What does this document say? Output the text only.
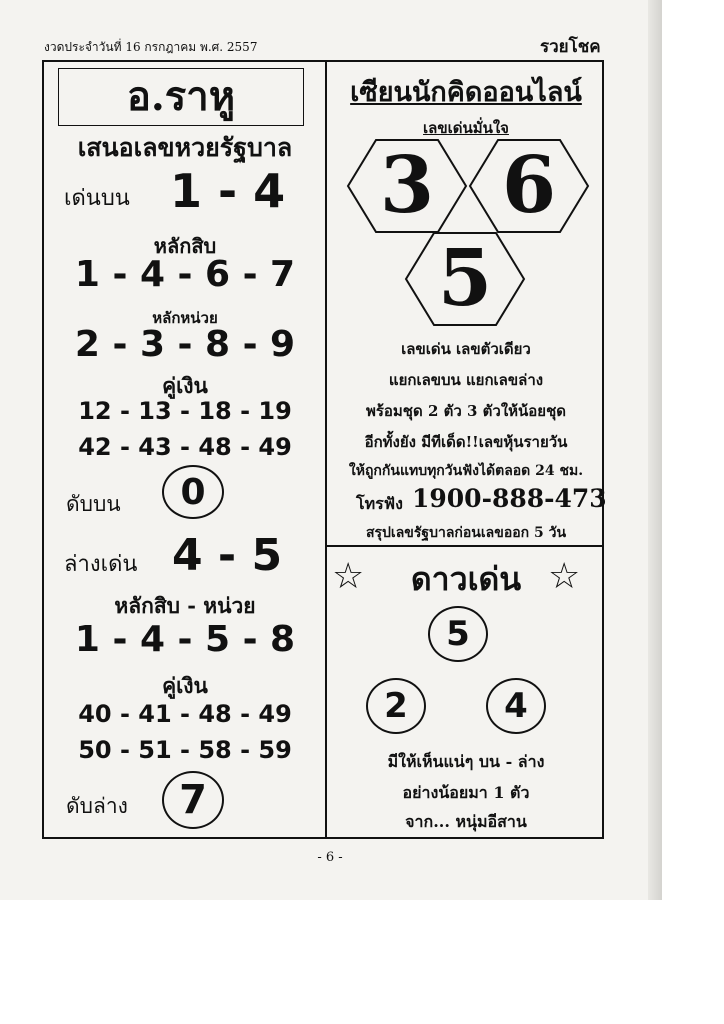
งวดประจำวันที่ 16 กรกฎาคม พ.ศ. 2557	รวยโชค
อ.ราหู
เสนอเลขหวยรัฐบาล
เด่นบน 1 - 4
หลักสิบ
1 - 4 - 6 - 7
หลักหน่วย
2 - 3 - 8 - 9
คู่เงิน
12 - 13 - 18 - 19
42 - 43 - 48 - 49
ดับบน	0
ล่างเด่น 4 - 5
หลักสิบ - หน่วย
1 - 4 - 5 - 8
คู่เงิน
40 - 41 - 48 - 49
50 - 51 - 58 - 59
ดับล่าง	7
เซียนนักคิดออนไลน์
เลขเด่นมั่นใจ
3 6
5
เลขเด่น เลขตัวเดียว
แยกเลขบน แยกเลขล่าง
พร้อมชุด 2 ตัว 3 ตัวให้น้อยชุด
อีกทั้งยัง มีทีเด็ด!!เลขหุ้นรายวัน
ให้ถูกกันแทบทุกวันฟังได้ตลอด 24 ชม.
โทรฟัง 1900-888-473
สรุปเลขรัฐบาลก่อนเลขออก 5 วัน
☆	ดาวเด่น ☆
5
2	4
มีให้เห็นแน่ๆ บน - ล่าง
อย่างน้อยมา 1 ตัว
จาก... หนุ่มอีสาน
- 6 -
